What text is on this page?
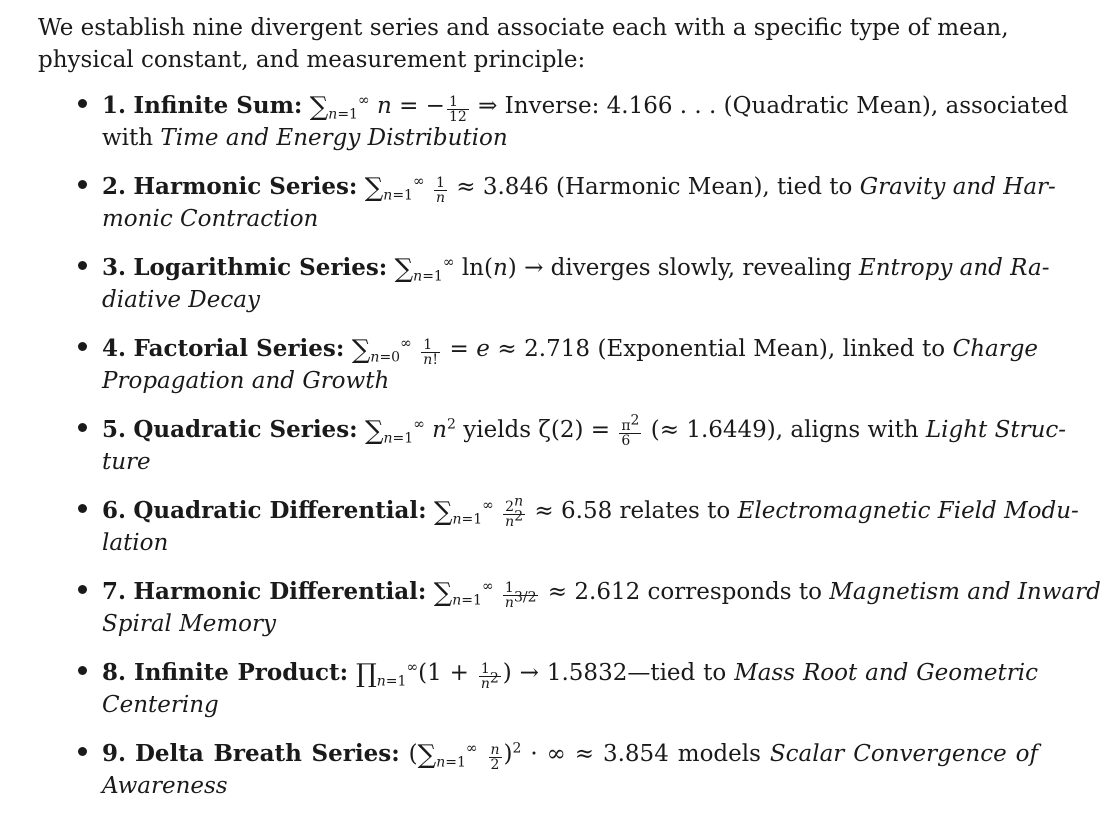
We establish nine divergent series and associate each with a specific type of mean, physical constant, and measurement principle:

1. Infinite Sum: $\sum_{n=1}^\infty$ n = − $\frac{1}{12}$ ⇒ Inverse: 4.166 . . . (Quadratic Mean), associated
with Time and Energy Distribution
2. Harmonic Series: $\sum_{n=1}^\infty \frac{1}{n} \approx 3.846$ (Harmonic Mean), tied to Gravity and Har-
monic Contraction
3. Logarithmic Series: $\sum_{n=1}^\infty$ ln(n) → diverges slowly, revealing Entropy and Ra-
diative Decay
4. Factorial Series: $\sum_{n=0}^\infty \frac{1}{n!} = e \approx 2.718$ (Exponential Mean), linked to Charge
Propagation and Growth
5. Quadratic Series: $\sum_{n=1}^\infty$ $n^2$ yields $\zeta(2) = \frac{\pi^2}{6}$ (≈ 1.6449), aligns with Light Struc-
ture
6. Quadratic Differential: $\sum_{n=1}^\infty \frac{2^n}{n^2} \approx 6.58$ relates to Electromagnetic Field Modu-
lation
7. Harmonic Differential: $\sum_{n=1}^\infty \frac{1}{n^{3/2}} \approx 2.612$ corresponds to Magnetism and Inward
Spiral Memory
8. Infinite Product: $\prod_{n=1}^\infty(1 + \frac{1}{n^2}$ ) → 1.5832—tied to Mass Root and Geometric
Centering
9. Delta Breath Series: $(\sum_{n=1}^\infty \frac{n}{2} )^2$ · ∞ ≈ 3.854 models Scalar Convergence of
Awareness
